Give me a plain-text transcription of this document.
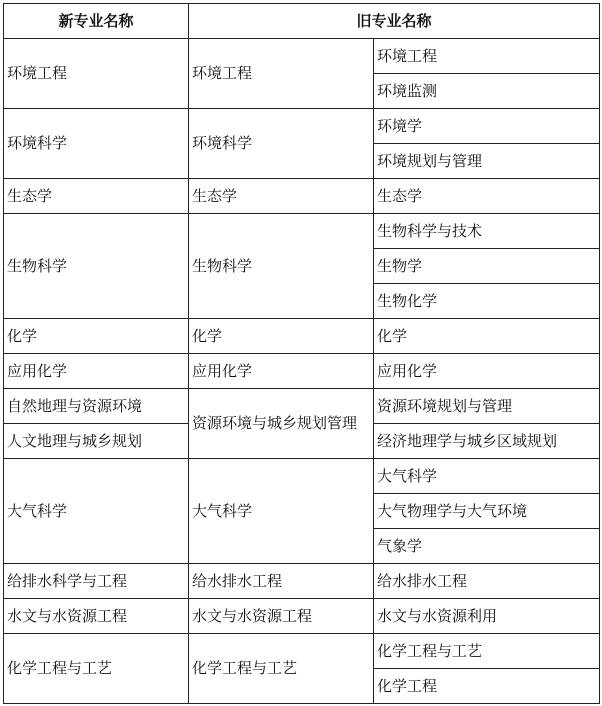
新专业名称	旧专业名称	
环境工程	环境工程	环境工程
		环境监测
环境科学	环境科学	环境学
		环境规划与管理
生态学	生态学	生态学
生物科学	生物科学	生物科学与技术
		生物学
		生物化学
化学	化学	化学
应用化学	应用化学	应用化学
自然地理与资源环境	资源环境与城乡规划管理	资源环境规划与管理
人文地理与城乡规划		经济地理学与城乡区域规划
大气科学	大气科学	大气科学
		大气物理学与大气环境
		气象学
给排水科学与工程	给水排水工程	给水排水工程
水文与水资源工程	水文与水资源工程	水文与水资源利用
化学工程与工艺	化学工程与工艺	化学工程与工艺
		化学工程
